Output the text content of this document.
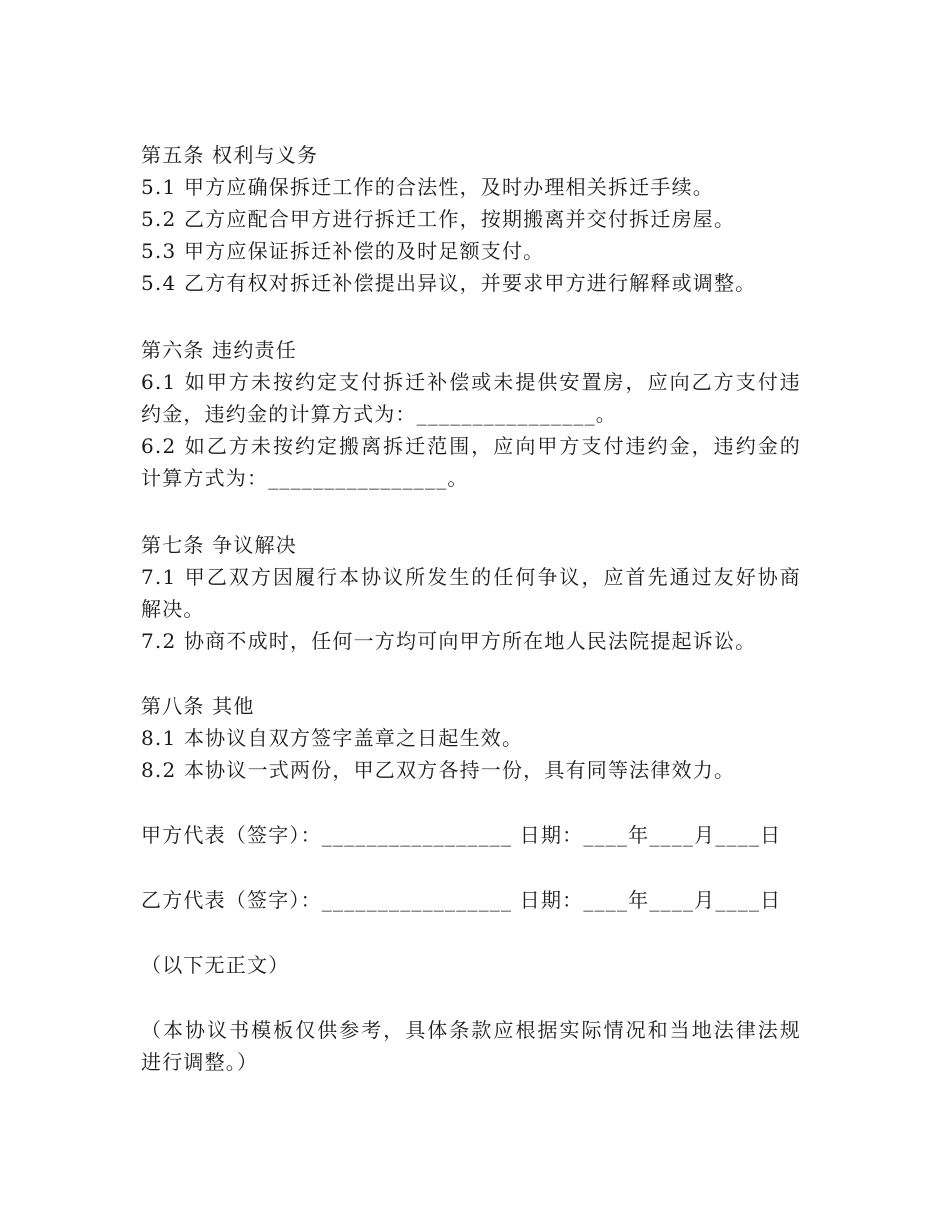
第五条 权利与义务
5.1 甲方应确保拆迁工作的合法性，及时办理相关拆迁手续。
5.2 乙方应配合甲方进行拆迁工作，按期搬离并交付拆迁房屋。
5.3 甲方应保证拆迁补偿的及时足额支付。
5.4 乙方有权对拆迁补偿提出异议，并要求甲方进行解释或调整。
第六条 违约责任
6.1 如甲方未按约定支付拆迁补偿或未提供安置房，应向乙方支付违
约金，违约金的计算方式为：________________。
6.2 如乙方未按约定搬离拆迁范围，应向甲方支付违约金，违约金的
计算方式为：________________。
第七条 争议解决
7.1 甲乙双方因履行本协议所发生的任何争议，应首先通过友好协商
解决。
7.2 协商不成时，任何一方均可向甲方所在地人民法院提起诉讼。
第八条 其他
8.1 本协议自双方签字盖章之日起生效。
8.2 本协议一式两份，甲乙双方各持一份，具有同等法律效力。
甲方代表（签字）：_________________ 日期：____年____月____日
乙方代表（签字）：_________________ 日期：____年____月____日
（以下无正文）
（本协议书模板仅供参考，具体条款应根据实际情况和当地法律法规
进行调整。）
